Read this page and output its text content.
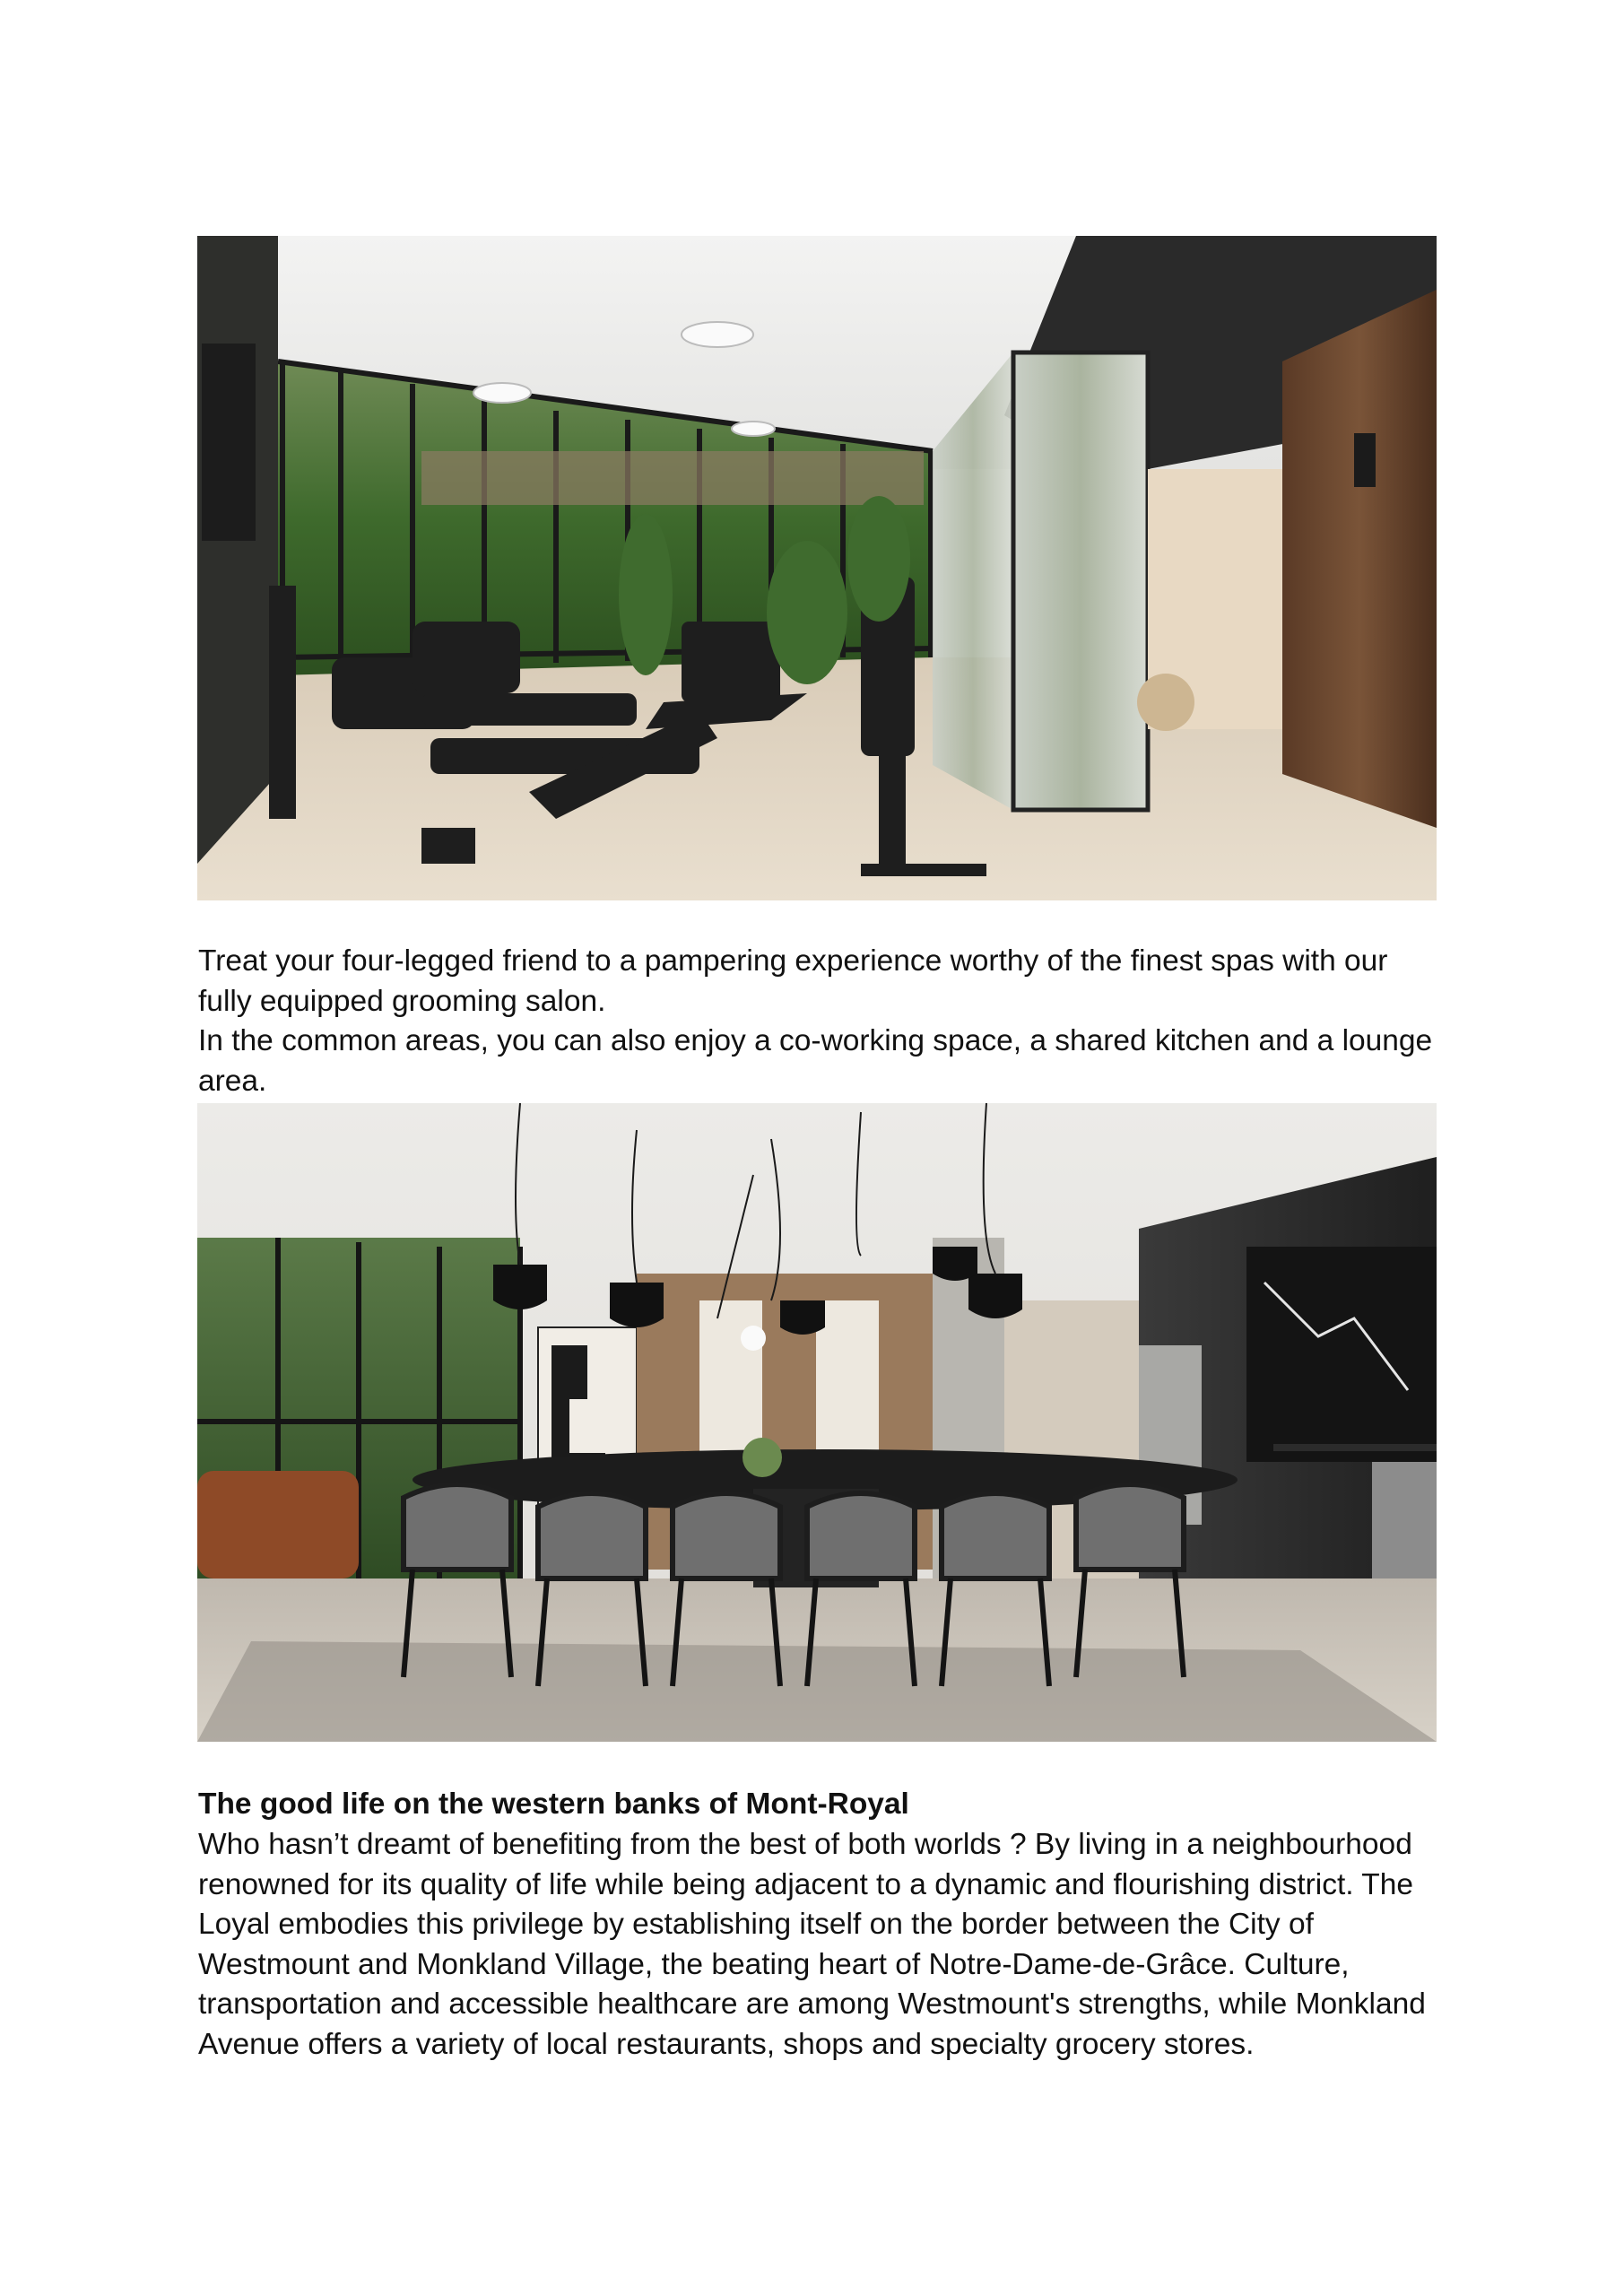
Treat your four-legged friend to a pampering experience worthy of the finest spas with our fully equipped grooming salon.

In the common areas, you can also enjoy a co-working space, a shared kitchen and a lounge area.

The good life on the western banks of Mont-Royal

Who hasn’t dreamt of benefiting from the best of both worlds ? By living in a neighbourhood renowned for its quality of life while being adjacent to a dynamic and flourishing district. The Loyal embodies this privilege by establishing itself on the border between the City of Westmount and Monkland Village, the beating heart of Notre-Dame-de-Grâce. Culture, transportation and accessible healthcare are among Westmount's strengths, while Monkland Avenue offers a variety of local restaurants, shops and specialty grocery stores.
